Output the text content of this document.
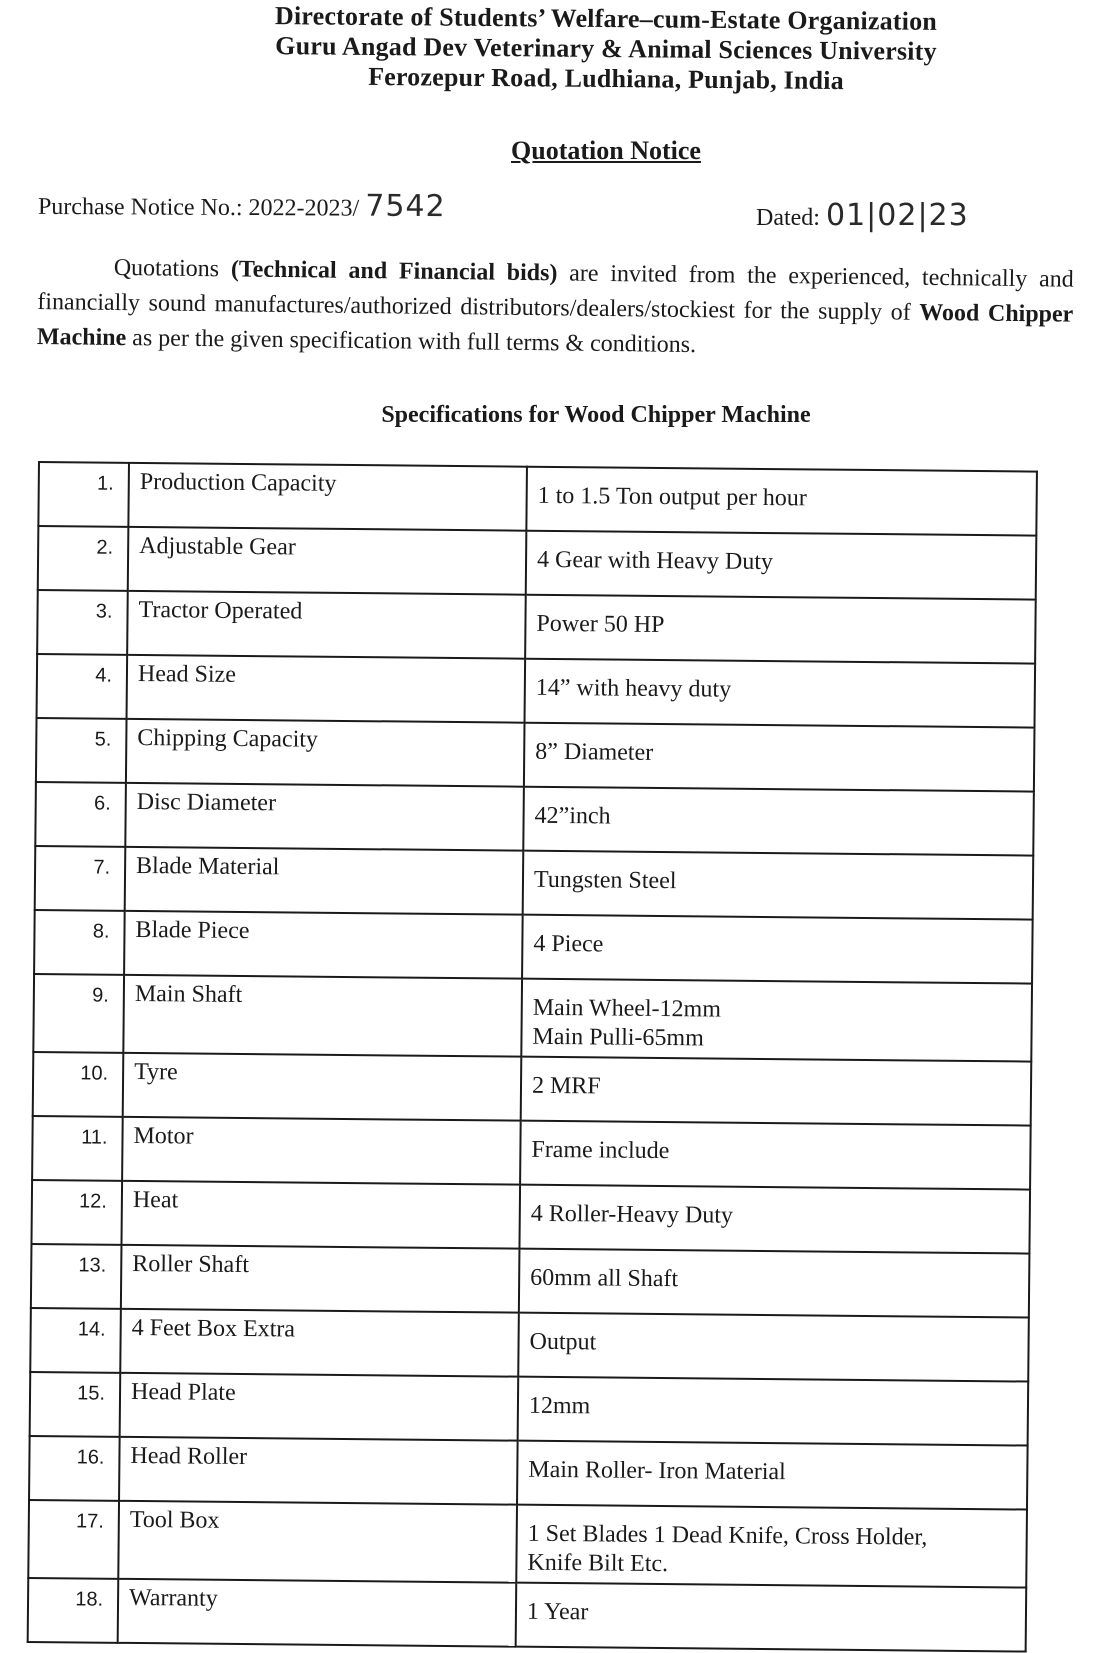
Directorate of Students’ Welfare–cum-Estate Organization
Guru Angad Dev Veterinary & Animal Sciences University
Ferozepur Road, Ludhiana, Punjab, India
Quotation Notice
Purchase Notice No.: 2022-2023/ 7542	Dated: 01|02|23
Quotations (Technical and Financial bids) are invited from the experienced, technically and financially sound manufactures/authorized distributors/dealers/stockiest for the supply of Wood Chipper Machine as per the given specification with full terms & conditions.
Specifications for Wood Chipper Machine
1.	Production Capacity	1 to 1.5 Ton output per hour
2.	Adjustable Gear	4 Gear with Heavy Duty
3.	Tractor Operated	Power 50 HP
4.	Head Size	14” with heavy duty
5.	Chipping Capacity	8” Diameter
6.	Disc Diameter	42”inch
7.	Blade Material	Tungsten Steel
8.	Blade Piece	4 Piece
9.	Main Shaft	Main Wheel-12mm
Main Pulli-65mm

10.	Tyre	2 MRF
11.	Motor	Frame include
12.	Heat	4 Roller-Heavy Duty
13.	Roller Shaft	60mm all Shaft
14.	4 Feet Box Extra	Output
15.	Head Plate	12mm
16.	Head Roller	Main Roller- Iron Material
17.	Tool Box	1 Set Blades 1 Dead Knife, Cross Holder,
Knife Bilt Etc.

18.	Warranty	1 Year
